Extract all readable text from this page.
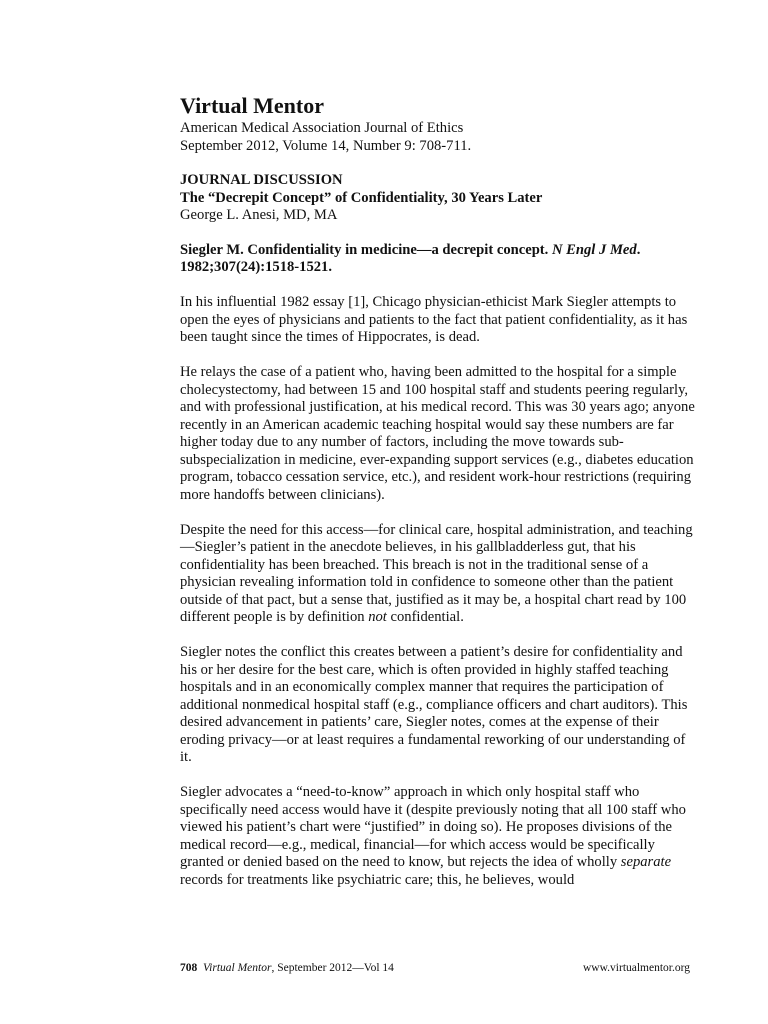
Virtual Mentor

American Medical Association Journal of Ethics

September 2012, Volume 14, Number 9: 708-711.

JOURNAL DISCUSSION

The “Decrepit Concept” of Confidentiality, 30 Years Later

George L. Anesi, MD, MA

Siegler M. Confidentiality in medicine—a decrepit concept. N Engl J Med. 1982;307(24):1518-1521.

In his influential 1982 essay [1], Chicago physician-ethicist Mark Siegler attempts to open the eyes of physicians and patients to the fact that patient confidentiality, as it has been taught since the times of Hippocrates, is dead.

He relays the case of a patient who, having been admitted to the hospital for a simple cholecystectomy, had between 15 and 100 hospital staff and students peering regularly, and with professional justification, at his medical record. This was 30 years ago; anyone recently in an American academic teaching hospital would say these numbers are far higher today due to any number of factors, including the move towards sub-subspecialization in medicine, ever-expanding support services (e.g., diabetes education program, tobacco cessation service, etc.), and resident work-hour restrictions (requiring more handoffs between clinicians).

Despite the need for this access—for clinical care, hospital administration, and teaching—Siegler’s patient in the anecdote believes, in his gallbladderless gut, that his confidentiality has been breached. This breach is not in the traditional sense of a physician revealing information told in confidence to someone other than the patient outside of that pact, but a sense that, justified as it may be, a hospital chart read by 100 different people is by definition not confidential.

Siegler notes the conflict this creates between a patient’s desire for confidentiality and his or her desire for the best care, which is often provided in highly staffed teaching hospitals and in an economically complex manner that requires the participation of additional nonmedical hospital staff (e.g., compliance officers and chart auditors). This desired advancement in patients’ care, Siegler notes, comes at the expense of their eroding privacy—or at least requires a fundamental reworking of our understanding of it.

Siegler advocates a “need-to-know” approach in which only hospital staff who specifically need access would have it (despite previously noting that all 100 staff who viewed his patient’s chart were “justified” in doing so). He proposes divisions of the medical record—e.g., medical, financial—for which access would be specifically granted or denied based on the need to know, but rejects the idea of wholly separate records for treatments like psychiatric care; this, he believes, would

708 Virtual Mentor, September 2012—Vol 14	www.virtualmentor.org
